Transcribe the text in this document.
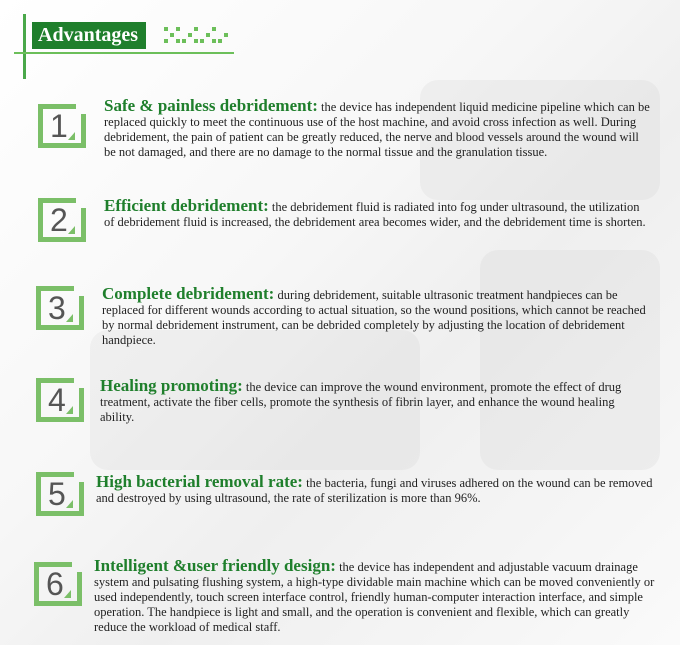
Advantages
1
Safe & painless debridement: the device has independent liquid medicine pipeline which can be replaced quickly to meet the continuous use of the host machine, and avoid cross infection as well. During debridement, the pain of patient can be greatly reduced, the nerve and blood vessels around the wound will be not damaged, and there are no damage to the normal tissue and the granulation tissue.
2 Efficient debridement: the debridement fluid is radiated into fog under ultrasound, the utilization of debridement fluid is increased, the debridement area becomes wider, and the debridement time is shorten.
3 Complete debridement: during debridement, suitable ultrasonic treatment handpieces can be replaced for different wounds according to actual situation, so the wound positions, which cannot be reached by normal debridement instrument, can be debrided completely by adjusting the location of debridement handpiece.
4 Healing promoting: the device can improve the wound environment, promote the effect of drug treatment, activate the fiber cells, promote the synthesis of fibrin layer, and enhance the wound healing ability.
5 High bacterial removal rate: the bacteria, fungi and viruses adhered on the wound can be removed and destroyed by using ultrasound, the rate of sterilization is more than 96%.
6
Intelligent &user friendly design: the device has independent and adjustable vacuum drainage system and pulsating flushing system, a high-type dividable main machine which can be moved conveniently or used independently, touch screen interface control, friendly human-computer interaction interface, and simple operation. The handpiece is light and small, and the operation is convenient and flexible, which can greatly reduce the workload of medical staff.
